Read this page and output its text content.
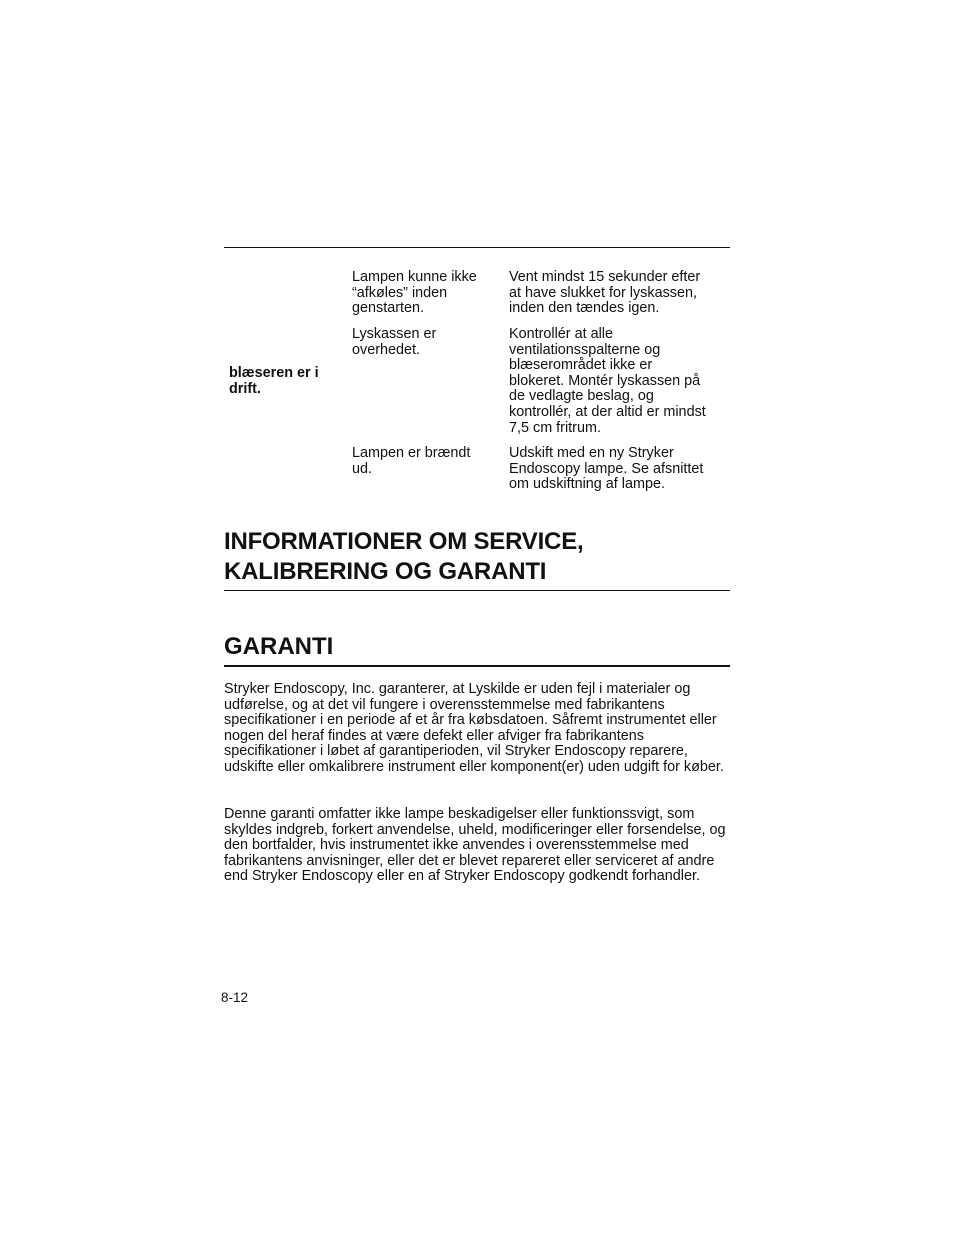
blæseren er i
drift.
Lampen kunne ikke
“afkøles” inden
genstarten.
Vent mindst 15 sekunder efter
at have slukket for lyskassen,
inden den tændes igen.
Lyskassen er
overhedet.
Kontrollér at alle
ventilationsspalterne og
blæserområdet ikke er
blokeret. Montér lyskassen på
de vedlagte beslag, og
kontrollér, at der altid er mindst
7,5 cm fritrum.
Lampen er brændt
ud.
Udskift med en ny Stryker
Endoscopy lampe. Se afsnittet
om udskiftning af lampe.
INFORMATIONER OM SERVICE,
KALIBRERING OG GARANTI
GARANTI

Stryker Endoscopy, Inc. garanterer, at Lyskilde er uden fejl i materialer og udførelse, og at det vil fungere i overensstemmelse med fabrikantens specifikationer i en periode af et år fra købsdatoen. Såfremt instrumentet eller nogen del heraf findes at være defekt eller afviger fra fabrikantens specifikationer i løbet af garantiperioden, vil Stryker Endoscopy reparere, udskifte eller omkalibrere instrument eller komponent(er) uden udgift for køber.

Denne garanti omfatter ikke lampe beskadigelser eller funktionssvigt, som skyldes indgreb, forkert anvendelse, uheld, modificeringer eller forsendelse, og den bortfalder, hvis instrumentet ikke anvendes i overensstemmelse med fabrikantens anvisninger, eller det er blevet repareret eller serviceret af andre end Stryker Endoscopy eller en af Stryker Endoscopy godkendt forhandler.

8-12
